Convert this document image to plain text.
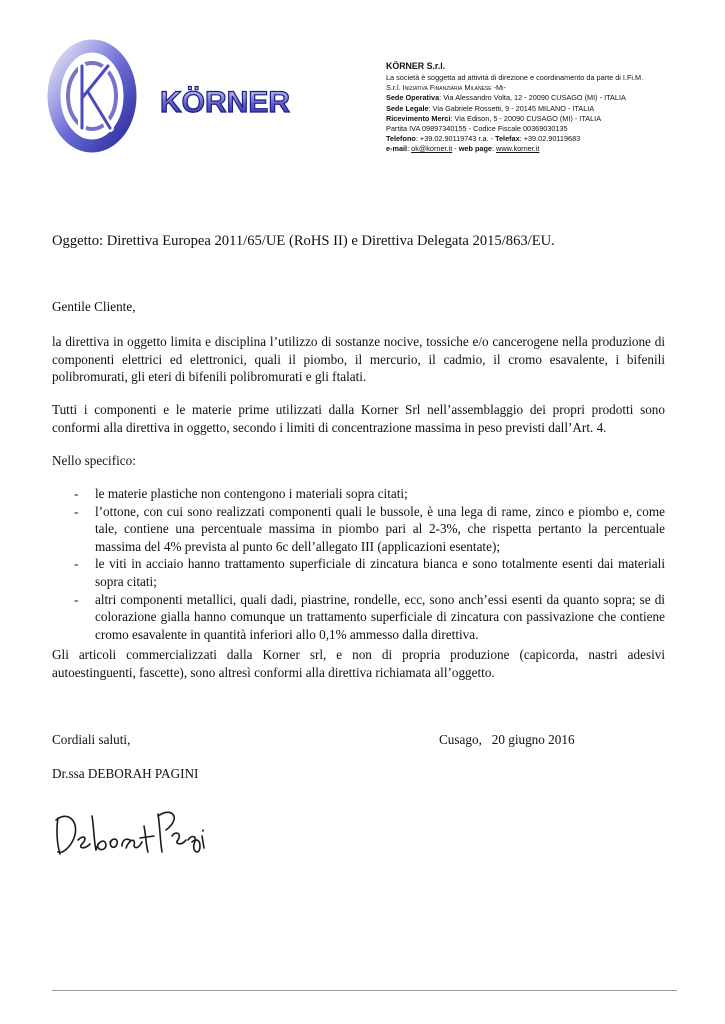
KÖRNER
KÖRNER S.r.l.
La società è soggetta ad attività di direzione e coordinamento da parte di I.Fi.M.
S.r.l. Iniziativa Finanziaria Milanese -Mi-
Sede Operativa: Via Alessandro Volta, 12 - 20090 CUSAGO (MI) - ITALIA
Sede Legale: Via Gabriele Rossetti, 9 - 20145 MILANO - ITALIA
Ricevimento Merci: Via Edison, 5 - 20090 CUSAGO (MI) - ITALIA
Partita IVA 09897340155 - Codice Fiscale 00369030135
Telefono: +39.02.90119743 r.a. - Telefax: +39.02.90119683
e-mail: ok@korner.it - web page: www.korner.it
Oggetto: Direttiva Europea 2011/65/UE (RoHS II) e Direttiva Delegata 2015/863/EU.
Gentile Cliente,
la direttiva in oggetto limita e disciplina l’utilizzo di sostanze nocive, tossiche e/o cancerogene nella produzione di componenti elettrici ed elettronici, quali il piombo, il mercurio, il cadmio, il cromo esavalente, i bifenili polibromurati, gli eteri di bifenili polibromurati e gli ftalati.
Tutti i componenti e le materie prime utilizzati dalla Korner Srl nell’assemblaggio dei propri prodotti sono conformi alla direttiva in oggetto, secondo i limiti di concentrazione massima in peso previsti dall’Art. 4.
Nello specifico:
- le materie plastiche non contengono i materiali sopra citati;
- l’ottone, con cui sono realizzati componenti quali le bussole, è una lega di rame, zinco e piombo e, come tale, contiene una percentuale massima in piombo pari al 2-3%, che rispetta pertanto la percentuale massima del 4% prevista al punto 6c dell’allegato III (applicazioni esentate);
- le viti in acciaio hanno trattamento superficiale di zincatura bianca e sono totalmente esenti dai materiali sopra citati;
- altri componenti metallici, quali dadi, piastrine, rondelle, ecc, sono anch’essi esenti da quanto sopra; se di colorazione gialla hanno comunque un trattamento superficiale di zincatura con passivazione che contiene cromo esavalente in quantità inferiori allo 0,1% ammesso dalla direttiva.
Gli articoli commercializzati dalla Korner srl, e non di propria produzione (capicorda, nastri adesivi autoestinguenti, fascette), sono altresì conformi alla direttiva richiamata all’oggetto.
Cordiali saluti,	Cusago,   20 giugno 2016
Dr.ssa DEBORAH PAGINI
Deborah Pagini
